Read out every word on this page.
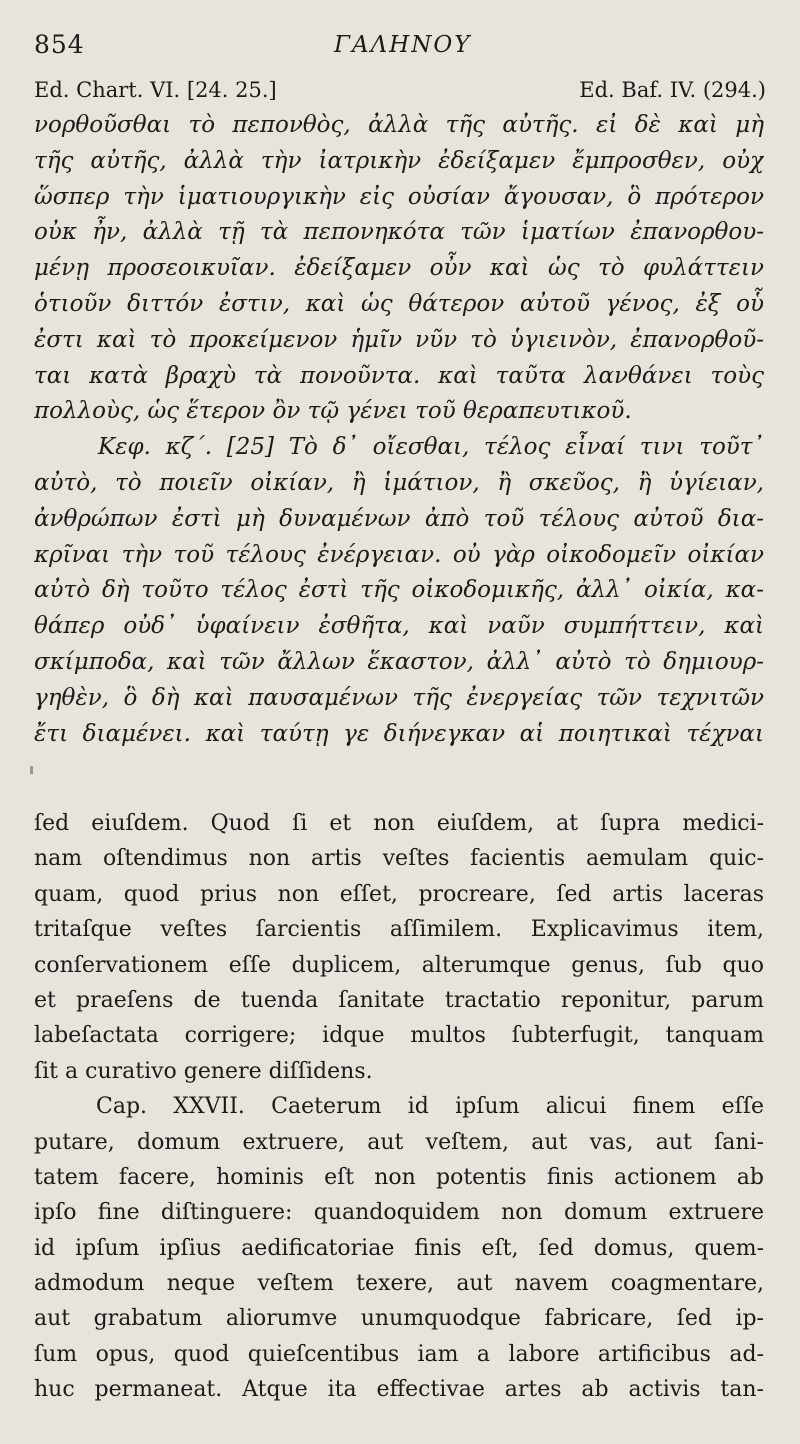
854	ΓΑΛΗΝΟΥ
Ed. Chart. VI. [24. 25.]	Ed. Baf. IV. (294.)
νορθοῦσθαι τὸ πεπονθὸς, ἀλλὰ τῆς αὐτῆς. εἰ δὲ καὶ μὴ
τῆς αὐτῆς, ἀλλὰ τὴν ἰατρικὴν ἐδείξαμεν ἔμπροσθεν, οὐχ
ὥσπερ τὴν ἱματιουργικὴν εἰς οὐσίαν ἄγουσαν, ὃ πρότερον
οὐκ ἦν, ἀλλὰ τῇ τὰ πεπονηκότα τῶν ἱματίων ἐπανορθου-
μένῃ προσεοικυῖαν. ἐδείξαμεν οὖν καὶ ὡς τὸ φυλάττειν
ὁτιοῦν διττόν ἐστιν, καὶ ὡς θάτερον αὐτοῦ γένος, ἐξ οὗ
ἐστι καὶ τὸ προκείμενον ἡμῖν νῦν τὸ ὑγιεινὸν, ἐπανορθοῦ-
ται κατὰ βραχὺ τὰ πονοῦντα. καὶ ταῦτα λανθάνει τοὺς
πολλοὺς, ὡς ἕτερον ὂν τῷ γένει τοῦ θεραπευτικοῦ.
Κεφ. κζ΄. [25] Τὸ δ᾽ οἴεσθαι, τέλος εἶναί τινι τοῦτ᾽
αὐτὸ, τὸ ποιεῖν οἰκίαν, ἢ ἱμάτιον, ἢ σκεῦος, ἢ ὑγίειαν,
ἀνθρώπων ἐστὶ μὴ δυναμένων ἀπὸ τοῦ τέλους αὐτοῦ δια-
κρῖναι τὴν τοῦ τέλους ἐνέργειαν. οὐ γὰρ οἰκοδομεῖν οἰκίαν
αὐτὸ δὴ τοῦτο τέλος ἐστὶ τῆς οἰκοδομικῆς, ἀλλ᾽ οἰκία, κα-
θάπερ οὐδ᾽ ὑφαίνειν ἐσθῆτα, καὶ ναῦν συμπήττειν, καὶ
σκίμποδα, καὶ τῶν ἄλλων ἕκαστον, ἀλλ᾽ αὐτὸ τὸ δημιουρ-
γηθὲν, ὃ δὴ καὶ παυσαμένων τῆς ἐνεργείας τῶν τεχνιτῶν
ἔτι διαμένει. καὶ ταύτῃ γε διήνεγκαν αἱ ποιητικαὶ τέχναι
ſed eiuſdem. Quod ſi et non eiuſdem, at ſupra medici-
nam oſtendimus non artis veſtes facientis aemulam quic-
quam, quod prius non eſſet, procreare, ſed artis laceras
tritaſque veſtes ſarcientis aſſimilem. Explicavimus item,
conſervationem eſſe duplicem, alterumque genus, ſub quo
et praeſens de tuenda ſanitate tractatio reponitur, parum
labeſactata corrigere; idque multos ſubterfugit, tanquam
ſit a curativo genere diſſidens.
Cap. XXVII. Caeterum id ipſum alicui finem eſſe
putare, domum extruere, aut veſtem, aut vas, aut ſani-
tatem facere, hominis eſt non potentis finis actionem ab
ipſo fine diſtinguere: quandoquidem non domum extruere
id ipſum ipſius aedificatoriae finis eſt, ſed domus, quem-
admodum neque veſtem texere, aut navem coagmentare,
aut grabatum aliorumve unumquodque fabricare, ſed ip-
ſum opus, quod quieſcentibus iam a labore artificibus ad-
huc permaneat. Atque ita effectivae artes ab activis tan-
